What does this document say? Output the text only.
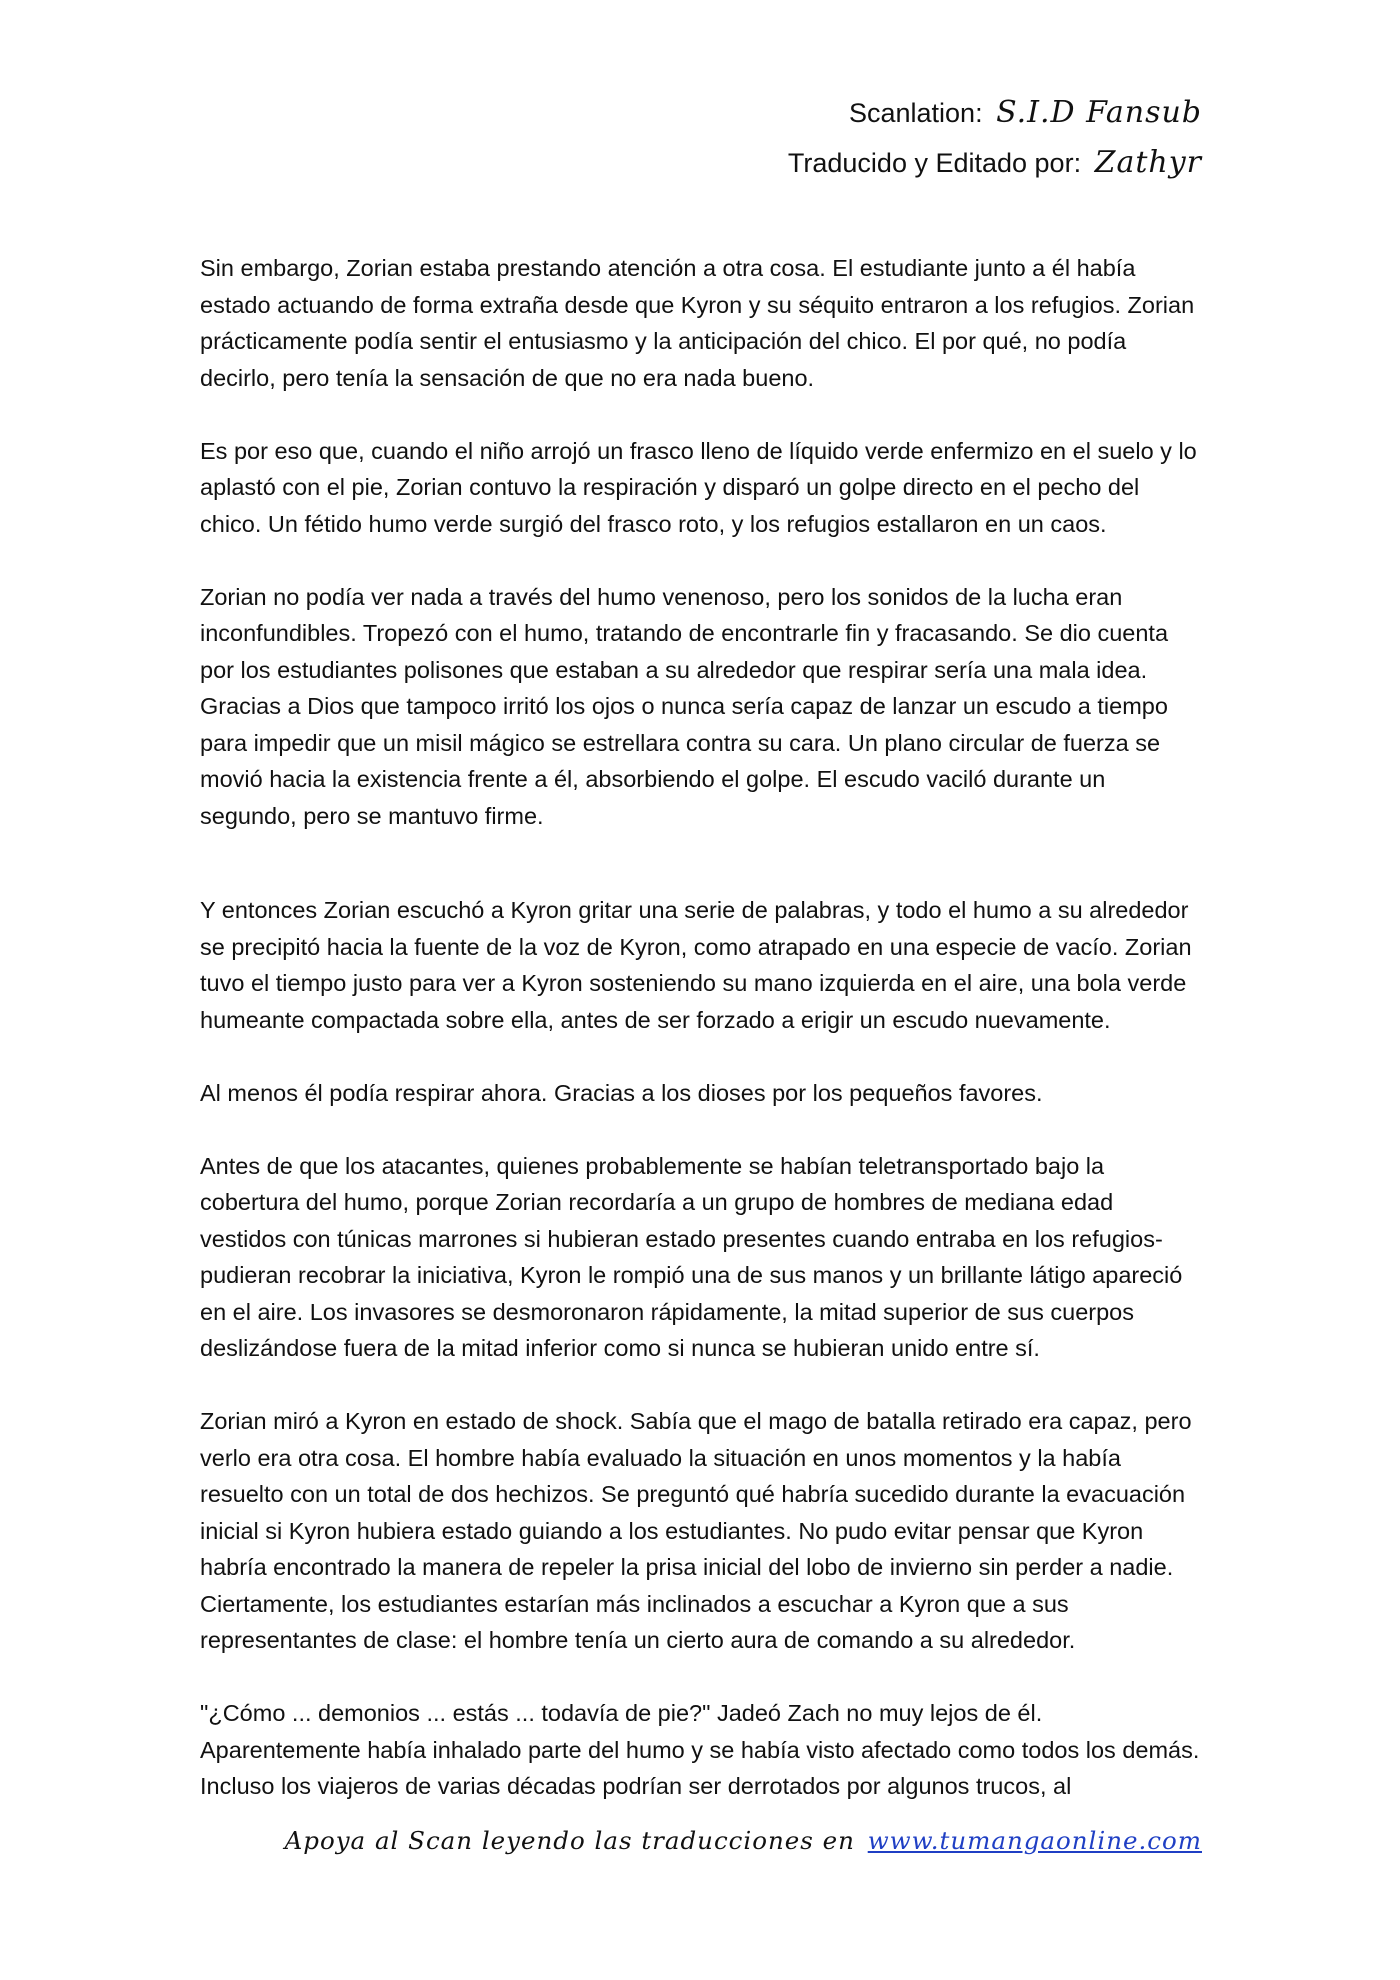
Scanlation: S.I.D Fansub
Traducido y Editado por: Zathyr

Sin embargo, Zorian estaba prestando atención a otra cosa. El estudiante junto a él había estado actuando de forma extraña desde que Kyron y su séquito entraron a los refugios. Zorian prácticamente podía sentir el entusiasmo y la anticipación del chico. El por qué, no podía decirlo, pero tenía la sensación de que no era nada bueno.

Es por eso que, cuando el niño arrojó un frasco lleno de líquido verde enfermizo en el suelo y lo aplastó con el pie, Zorian contuvo la respiración y disparó un golpe directo en el pecho del chico. Un fétido humo verde surgió del frasco roto, y los refugios estallaron en un caos.

Zorian no podía ver nada a través del humo venenoso, pero los sonidos de la lucha eran inconfundibles. Tropezó con el humo, tratando de encontrarle fin y fracasando. Se dio cuenta por los estudiantes polisones que estaban a su alrededor que respirar sería una mala idea. Gracias a Dios que tampoco irritó los ojos o nunca sería capaz de lanzar un escudo a tiempo para impedir que un misil mágico se estrellara contra su cara. Un plano circular de fuerza se movió hacia la existencia frente a él, absorbiendo el golpe. El escudo vaciló durante un segundo, pero se mantuvo firme.

Y entonces Zorian escuchó a Kyron gritar una serie de palabras, y todo el humo a su alrededor se precipitó hacia la fuente de la voz de Kyron, como atrapado en una especie de vacío. Zorian tuvo el tiempo justo para ver a Kyron sosteniendo su mano izquierda en el aire, una bola verde humeante compactada sobre ella, antes de ser forzado a erigir un escudo nuevamente.

Al menos él podía respirar ahora. Gracias a los dioses por los pequeños favores.

Antes de que los atacantes, quienes probablemente se habían teletransportado bajo la cobertura del humo, porque Zorian recordaría a un grupo de hombres de mediana edad vestidos con túnicas marrones si hubieran estado presentes cuando entraba en los refugios- pudieran recobrar la iniciativa, Kyron le rompió una de sus manos y un brillante látigo apareció en el aire. Los invasores se desmoronaron rápidamente, la mitad superior de sus cuerpos deslizándose fuera de la mitad inferior como si nunca se hubieran unido entre sí.

Zorian miró a Kyron en estado de shock. Sabía que el mago de batalla retirado era capaz, pero verlo era otra cosa. El hombre había evaluado la situación en unos momentos y la había resuelto con un total de dos hechizos. Se preguntó qué habría sucedido durante la evacuación inicial si Kyron hubiera estado guiando a los estudiantes. No pudo evitar pensar que Kyron habría encontrado la manera de repeler la prisa inicial del lobo de invierno sin perder a nadie. Ciertamente, los estudiantes estarían más inclinados a escuchar a Kyron que a sus representantes de clase: el hombre tenía un cierto aura de comando a su alrededor.

"¿Cómo ... demonios ... estás ... todavía de pie?" Jadeó Zach no muy lejos de él. Aparentemente había inhalado parte del humo y se había visto afectado como todos los demás. Incluso los viajeros de varias décadas podrían ser derrotados por algunos trucos, al

Apoya al Scan leyendo las traducciones en www.tumangaonline.com
